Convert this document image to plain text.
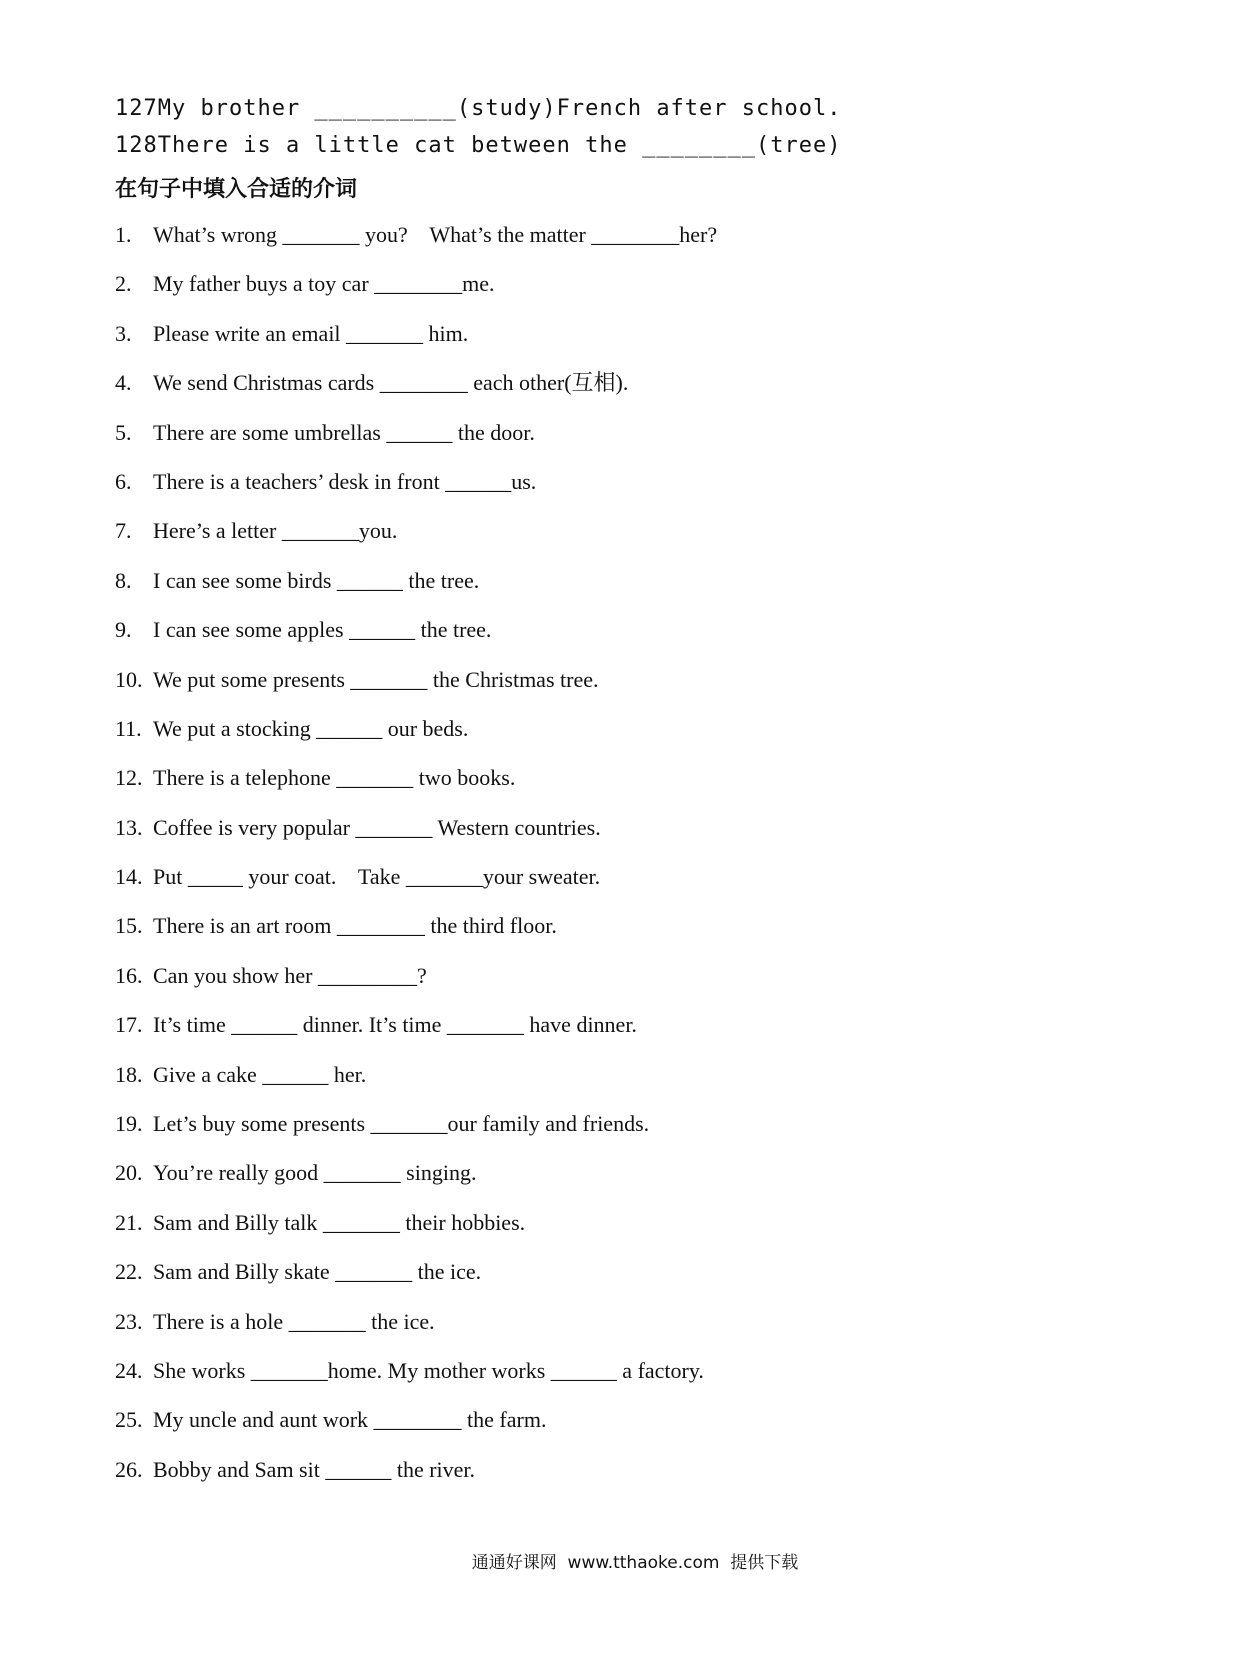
127My brother __________(study)French after school.
128There is a little cat between the ________(tree)
在句子中填入合适的介词
1. What’s wrong _______ you?    What’s the matter ________her?
2. My father buys a toy car ________me.
3. Please write an email _______ him.
4. We send Christmas cards ________ each other(互相).
5. There are some umbrellas ______ the door.
6. There is a teachers’ desk in front ______us.
7. Here’s a letter _______you.
8. I can see some birds ______ the tree.
9. I can see some apples ______ the tree.
10. We put some presents _______ the Christmas tree.
11. We put a stocking ______ our beds.
12. There is a telephone _______ two books.
13. Coffee is very popular _______ Western countries.
14. Put _____ your coat.    Take _______your sweater.
15. There is an art room ________ the third floor.
16. Can you show her _________?
17. It’s time ______ dinner. It’s time _______ have dinner.
18. Give a cake ______ her.
19. Let’s buy some presents _______our family and friends.
20. You’re really good _______ singing.
21. Sam and Billy talk _______ their hobbies.
22. Sam and Billy skate _______ the ice.
23. There is a hole _______ the ice.
24. She works _______home. My mother works ______ a factory.
25. My uncle and aunt work ________ the farm.
26. Bobby and Sam sit ______ the river.
通通好课网  www.tthaoke.com  提供下载
